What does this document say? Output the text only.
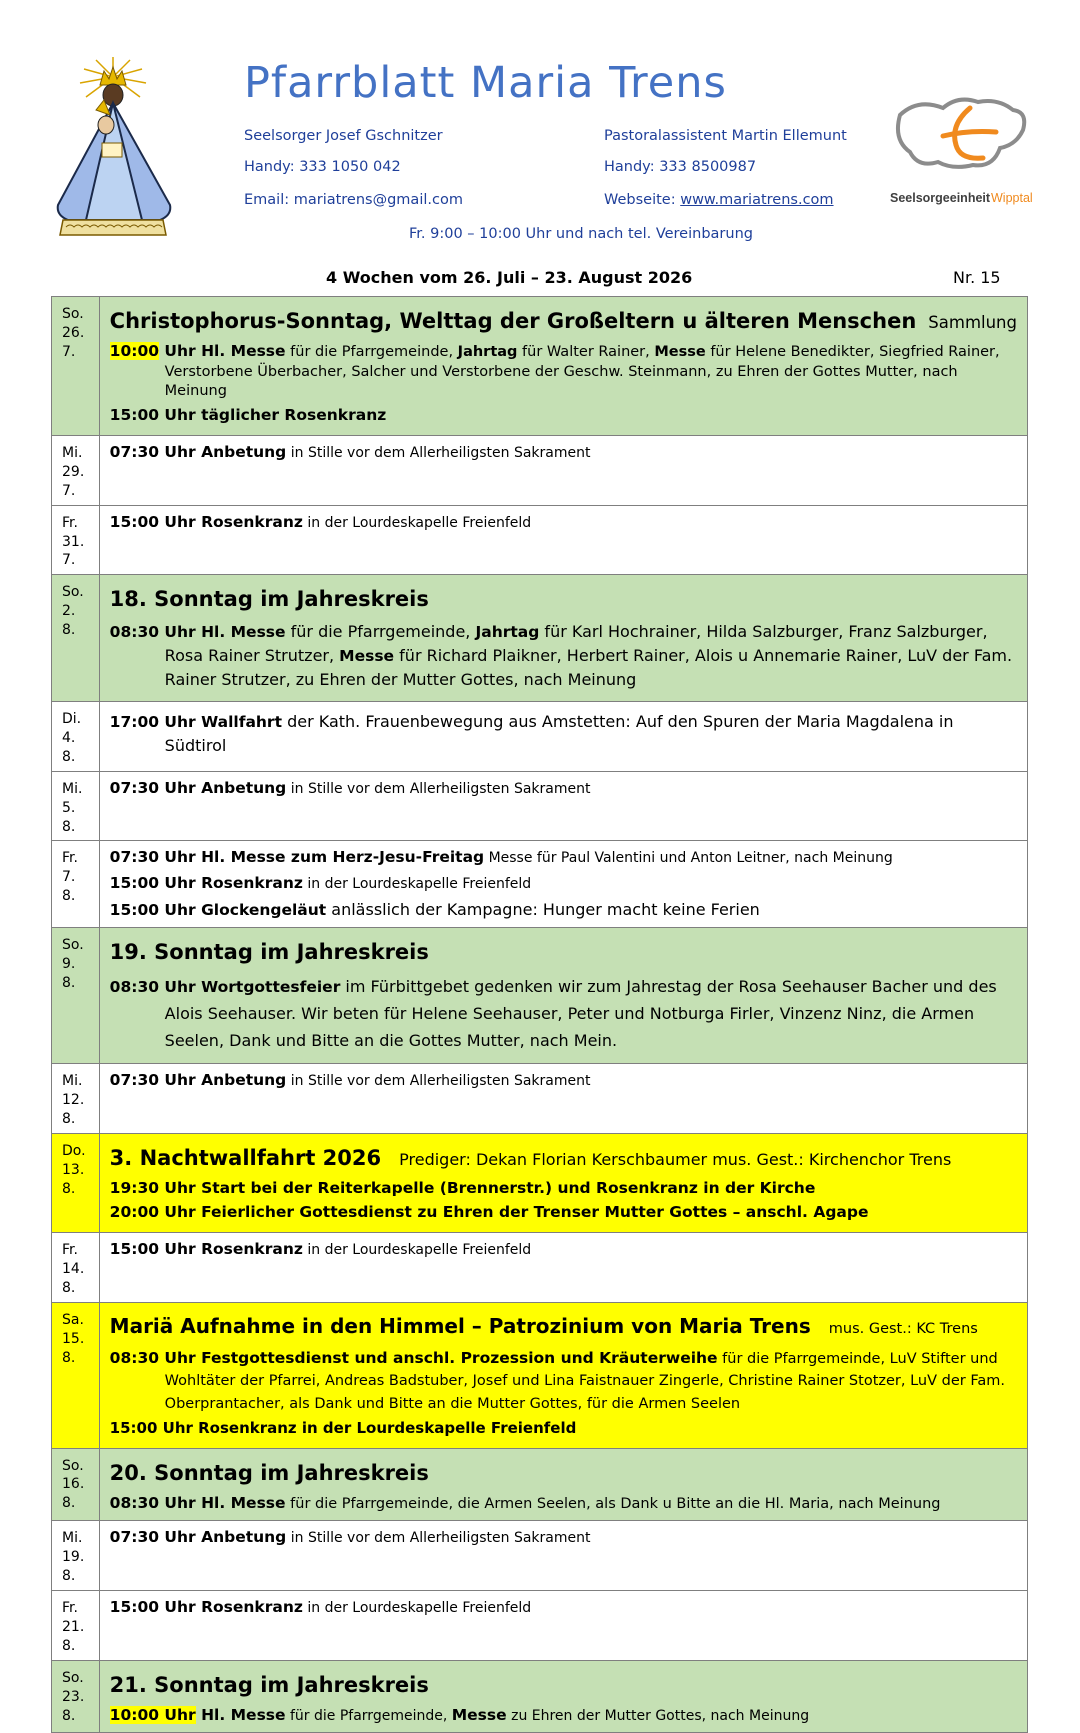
Pfarrblatt Maria Trens
Seelsorger Josef Gschnitzer
Handy: 333 1050 042
Email: mariatrens@gmail.com
Pastoralassistent Martin Ellemunt
Handy: 333 8500987
Webseite: www.mariatrens.com
Fr. 9:00 – 10:00 Uhr und nach tel. Vereinbarung
Seelsorgeeinheit Wipptal
4 Wochen vom 26. Juli – 23. August 2026	Nr. 15
So. 26. 7.	Christophorus-Sonntag, Welttag der Großeltern u älteren Menschen Sammlung
10:00 Uhr Hl. Messe für die Pfarrgemeinde, Jahrtag für Walter Rainer, Messe für Helene Benedikter, Siegfried Rainer, Verstorbene Überbacher, Salcher und Verstorbene der Geschw. Steinmann, zu Ehren der Gottes Mutter, nach Meinung
15:00 Uhr täglicher Rosenkranz

Mi. 29. 7.	07:30 Uhr Anbetung in Stille vor dem Allerheiligsten Sakrament
Fr. 31. 7.	15:00 Uhr Rosenkranz in der Lourdeskapelle Freienfeld
So. 2. 8.	18. Sonntag im Jahreskreis
08:30 Uhr Hl. Messe für die Pfarrgemeinde, Jahrtag für Karl Hochrainer, Hilda Salzburger, Franz Salzburger, Rosa Rainer Strutzer, Messe für Richard Plaikner, Herbert Rainer, Alois u Annemarie Rainer, LuV der Fam. Rainer Strutzer, zu Ehren der Mutter Gottes, nach Meinung

Di. 4. 8.	17:00 Uhr Wallfahrt der Kath. Frauenbewegung aus Amstetten: Auf den Spuren der Maria Magdalena in Südtirol

Mi. 5. 8.	07:30 Uhr Anbetung in Stille vor dem Allerheiligsten Sakrament
Fr. 7. 8.	07:30 Uhr Hl. Messe zum Herz-Jesu-Freitag Messe für Paul Valentini und Anton Leitner, nach Meinung
15:00 Uhr Rosenkranz in der Lourdeskapelle Freienfeld
15:00 Uhr Glockengeläut anlässlich der Kampagne: Hunger macht keine Ferien

So. 9. 8.	19. Sonntag im Jahreskreis
08:30 Uhr Wortgottesfeier im Fürbittgebet gedenken wir zum Jahrestag der Rosa Seehauser Bacher und des Alois Seehauser. Wir beten für Helene Seehauser, Peter und Notburga Firler, Vinzenz Ninz, die Armen Seelen, Dank und Bitte an die Gottes Mutter, nach Mein.

Mi. 12. 8.	07:30 Uhr Anbetung in Stille vor dem Allerheiligsten Sakrament
Do. 13. 8.	3. Nachtwallfahrt 2026 Prediger: Dekan Florian Kerschbaumer mus. Gest.: Kirchenchor Trens
19:30 Uhr Start bei der Reiterkapelle (Brennerstr.) und Rosenkranz in der Kirche
20:00 Uhr Feierlicher Gottesdienst zu Ehren der Trenser Mutter Gottes – anschl. Agape

Fr. 14. 8.	15:00 Uhr Rosenkranz in der Lourdeskapelle Freienfeld
Sa. 15. 8.	Mariä Aufnahme in den Himmel – Patrozinium von Maria Trens mus. Gest.: KC Trens
08:30 Uhr Festgottesdienst und anschl. Prozession und Kräuterweihe für die Pfarrgemeinde, LuV Stifter und Wohltäter der Pfarrei, Andreas Badstuber, Josef und Lina Faistnauer Zingerle, Christine Rainer Stotzer, LuV der Fam. Oberprantacher, als Dank und Bitte an die Mutter Gottes, für die Armen Seelen
15:00 Uhr Rosenkranz in der Lourdeskapelle Freienfeld

So. 16. 8.	20. Sonntag im Jahreskreis
08:30 Uhr Hl. Messe für die Pfarrgemeinde, die Armen Seelen, als Dank u Bitte an die Hl. Maria, nach Meinung

Mi. 19. 8.	07:30 Uhr Anbetung in Stille vor dem Allerheiligsten Sakrament
Fr. 21. 8.	15:00 Uhr Rosenkranz in der Lourdeskapelle Freienfeld
So. 23. 8.	21. Sonntag im Jahreskreis
10:00 Uhr Hl. Messe für die Pfarrgemeinde, Messe zu Ehren der Mutter Gottes, nach Meinung
